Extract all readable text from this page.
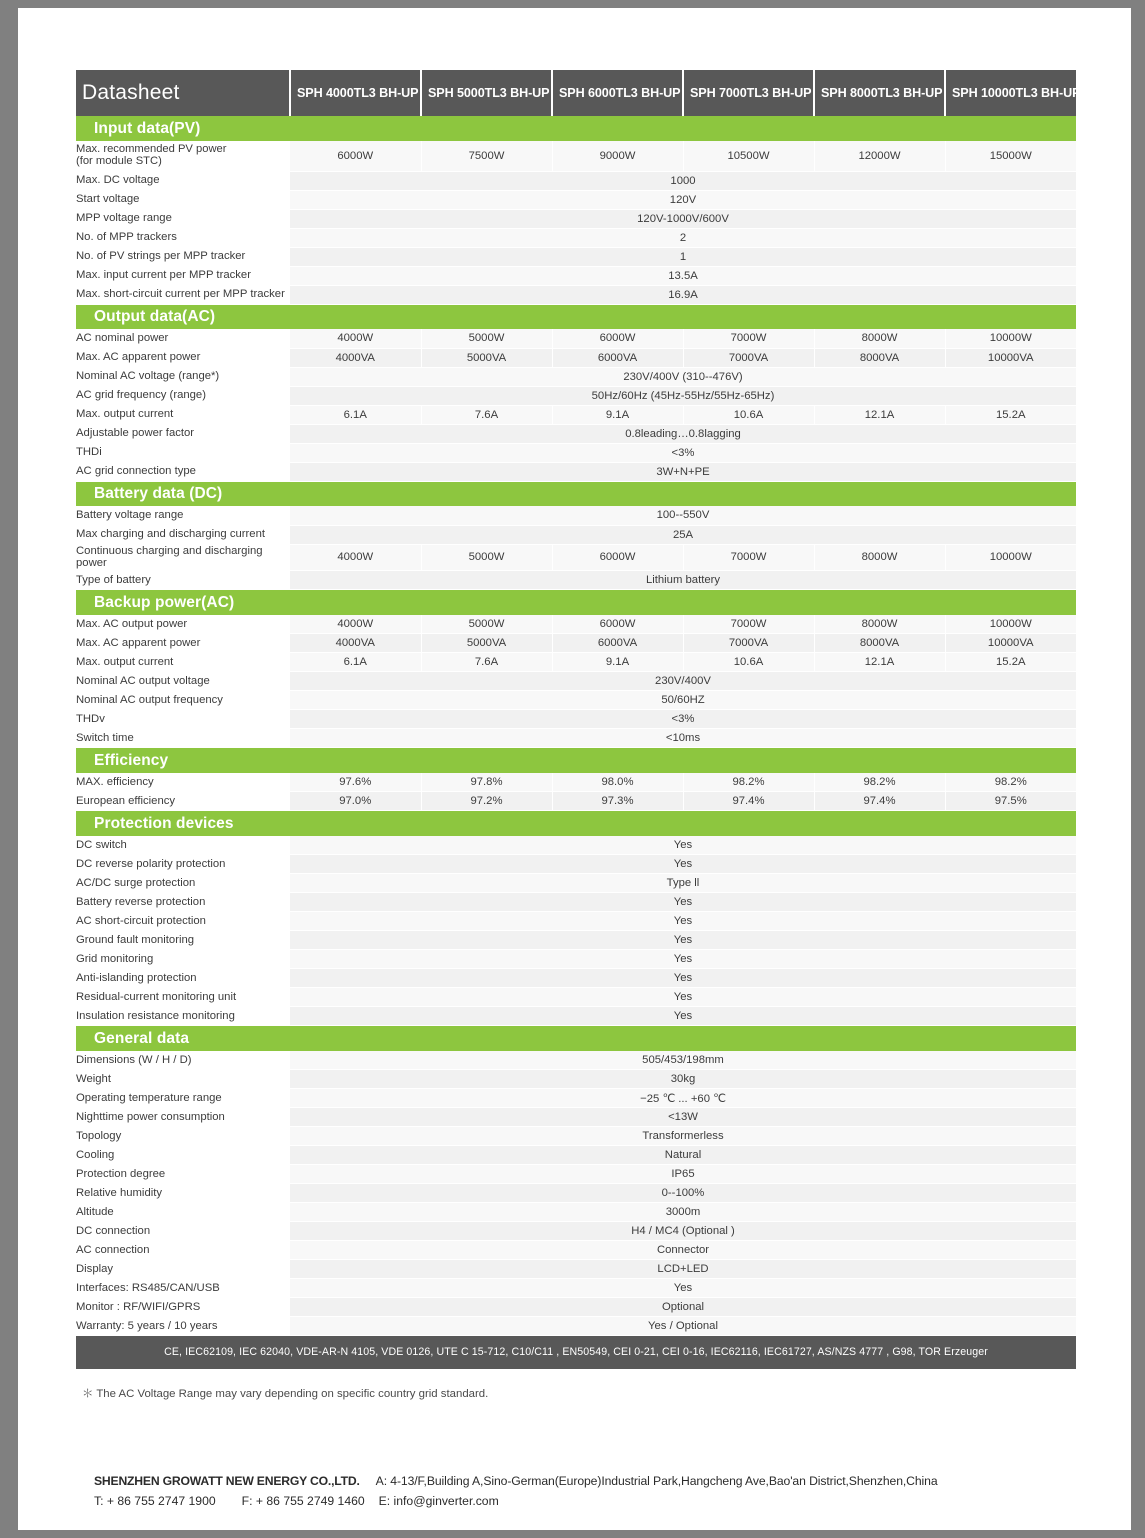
Datasheet	SPH 4000TL3 BH-UP	SPH 5000TL3 BH-UP	SPH 6000TL3 BH-UP	SPH 7000TL3 BH-UP	SPH 8000TL3 BH-UP	SPH 10000TL3 BH-UP
Input data(PV)						
Max. recommended PV power
(for module STC)	6000W	7500W	9000W	10500W	12000W	15000W
Max. DC voltage	1000					
Start voltage	120V					
MPP voltage range	120V-1000V/600V					
No. of MPP trackers	2					
No. of PV strings per MPP tracker	1					
Max. input current per MPP tracker	13.5A					
Max. short-circuit current per MPP tracker	16.9A					
Output data(AC)						
AC nominal power	4000W	5000W	6000W	7000W	8000W	10000W
Max. AC apparent power	4000VA	5000VA	6000VA	7000VA	8000VA	10000VA
Nominal AC voltage (range*)	230V/400V (310--476V)					
AC grid frequency (range)	50Hz/60Hz (45Hz-55Hz/55Hz-65Hz)					
Max. output current	6.1A	7.6A	9.1A	10.6A	12.1A	15.2A
Adjustable power factor	0.8leading…0.8lagging					
THDi	<3%					
AC grid connection type	3W+N+PE					
Battery data (DC)						
Battery voltage range	100--550V					
Max charging and discharging current	25A					
Continuous charging and discharging power	4000W	5000W	6000W	7000W	8000W	10000W
Type of battery	Lithium battery					
Backup power(AC)						
Max. AC output power	4000W	5000W	6000W	7000W	8000W	10000W
Max. AC apparent power	4000VA	5000VA	6000VA	7000VA	8000VA	10000VA
Max. output current	6.1A	7.6A	9.1A	10.6A	12.1A	15.2A
Nominal AC output voltage	230V/400V					
Nominal AC output frequency	50/60HZ					
THDv	<3%					
Switch time	<10ms					
Efficiency						
MAX. efficiency	97.6%	97.8%	98.0%	98.2%	98.2%	98.2%
European efficiency	97.0%	97.2%	97.3%	97.4%	97.4%	97.5%
Protection devices						
DC switch	Yes					
DC reverse polarity protection	Yes					
AC/DC surge protection	Type ll					
Battery reverse protection	Yes					
AC short-circuit protection	Yes					
Ground fault monitoring	Yes					
Grid monitoring	Yes					
Anti-islanding protection	Yes					
Residual-current monitoring unit	Yes					
Insulation resistance monitoring	Yes					
General data						
Dimensions (W / H / D)	505/453/198mm					
Weight	30kg					
Operating temperature range	−25 ℃ ... +60 ℃					
Nighttime power consumption	<13W					
Topology	Transformerless					
Cooling	Natural					
Protection degree	IP65					
Relative humidity	0--100%					
Altitude	3000m					
DC connection	H4 / MC4 (Optional )					
AC connection	Connector					
Display	LCD+LED					
Interfaces: RS485/CAN/USB	Yes					
Monitor : RF/WIFI/GPRS	Optional					
Warranty: 5 years / 10 years	Yes / Optional					
CE, IEC62109, IEC 62040, VDE-AR-N 4105, VDE 0126, UTE C 15-712, C10/C11 , EN50549, CEI 0-21, CEI 0-16, IEC62116, IEC61727, AS/NZS 4777 , G98, TOR Erzeuger
＊ The AC Voltage Range may vary depending on specific country grid standard.
SHENZHEN GROWATT NEW ENERGY CO.,LTD. A: 4-13/F,Building A,Sino-German(Europe)Industrial Park,Hangcheng Ave,Bao'an District,Shenzhen,China
T: + 86 755 2747 1900 F: + 86 755 2749 1460 E: info@ginverter.com
